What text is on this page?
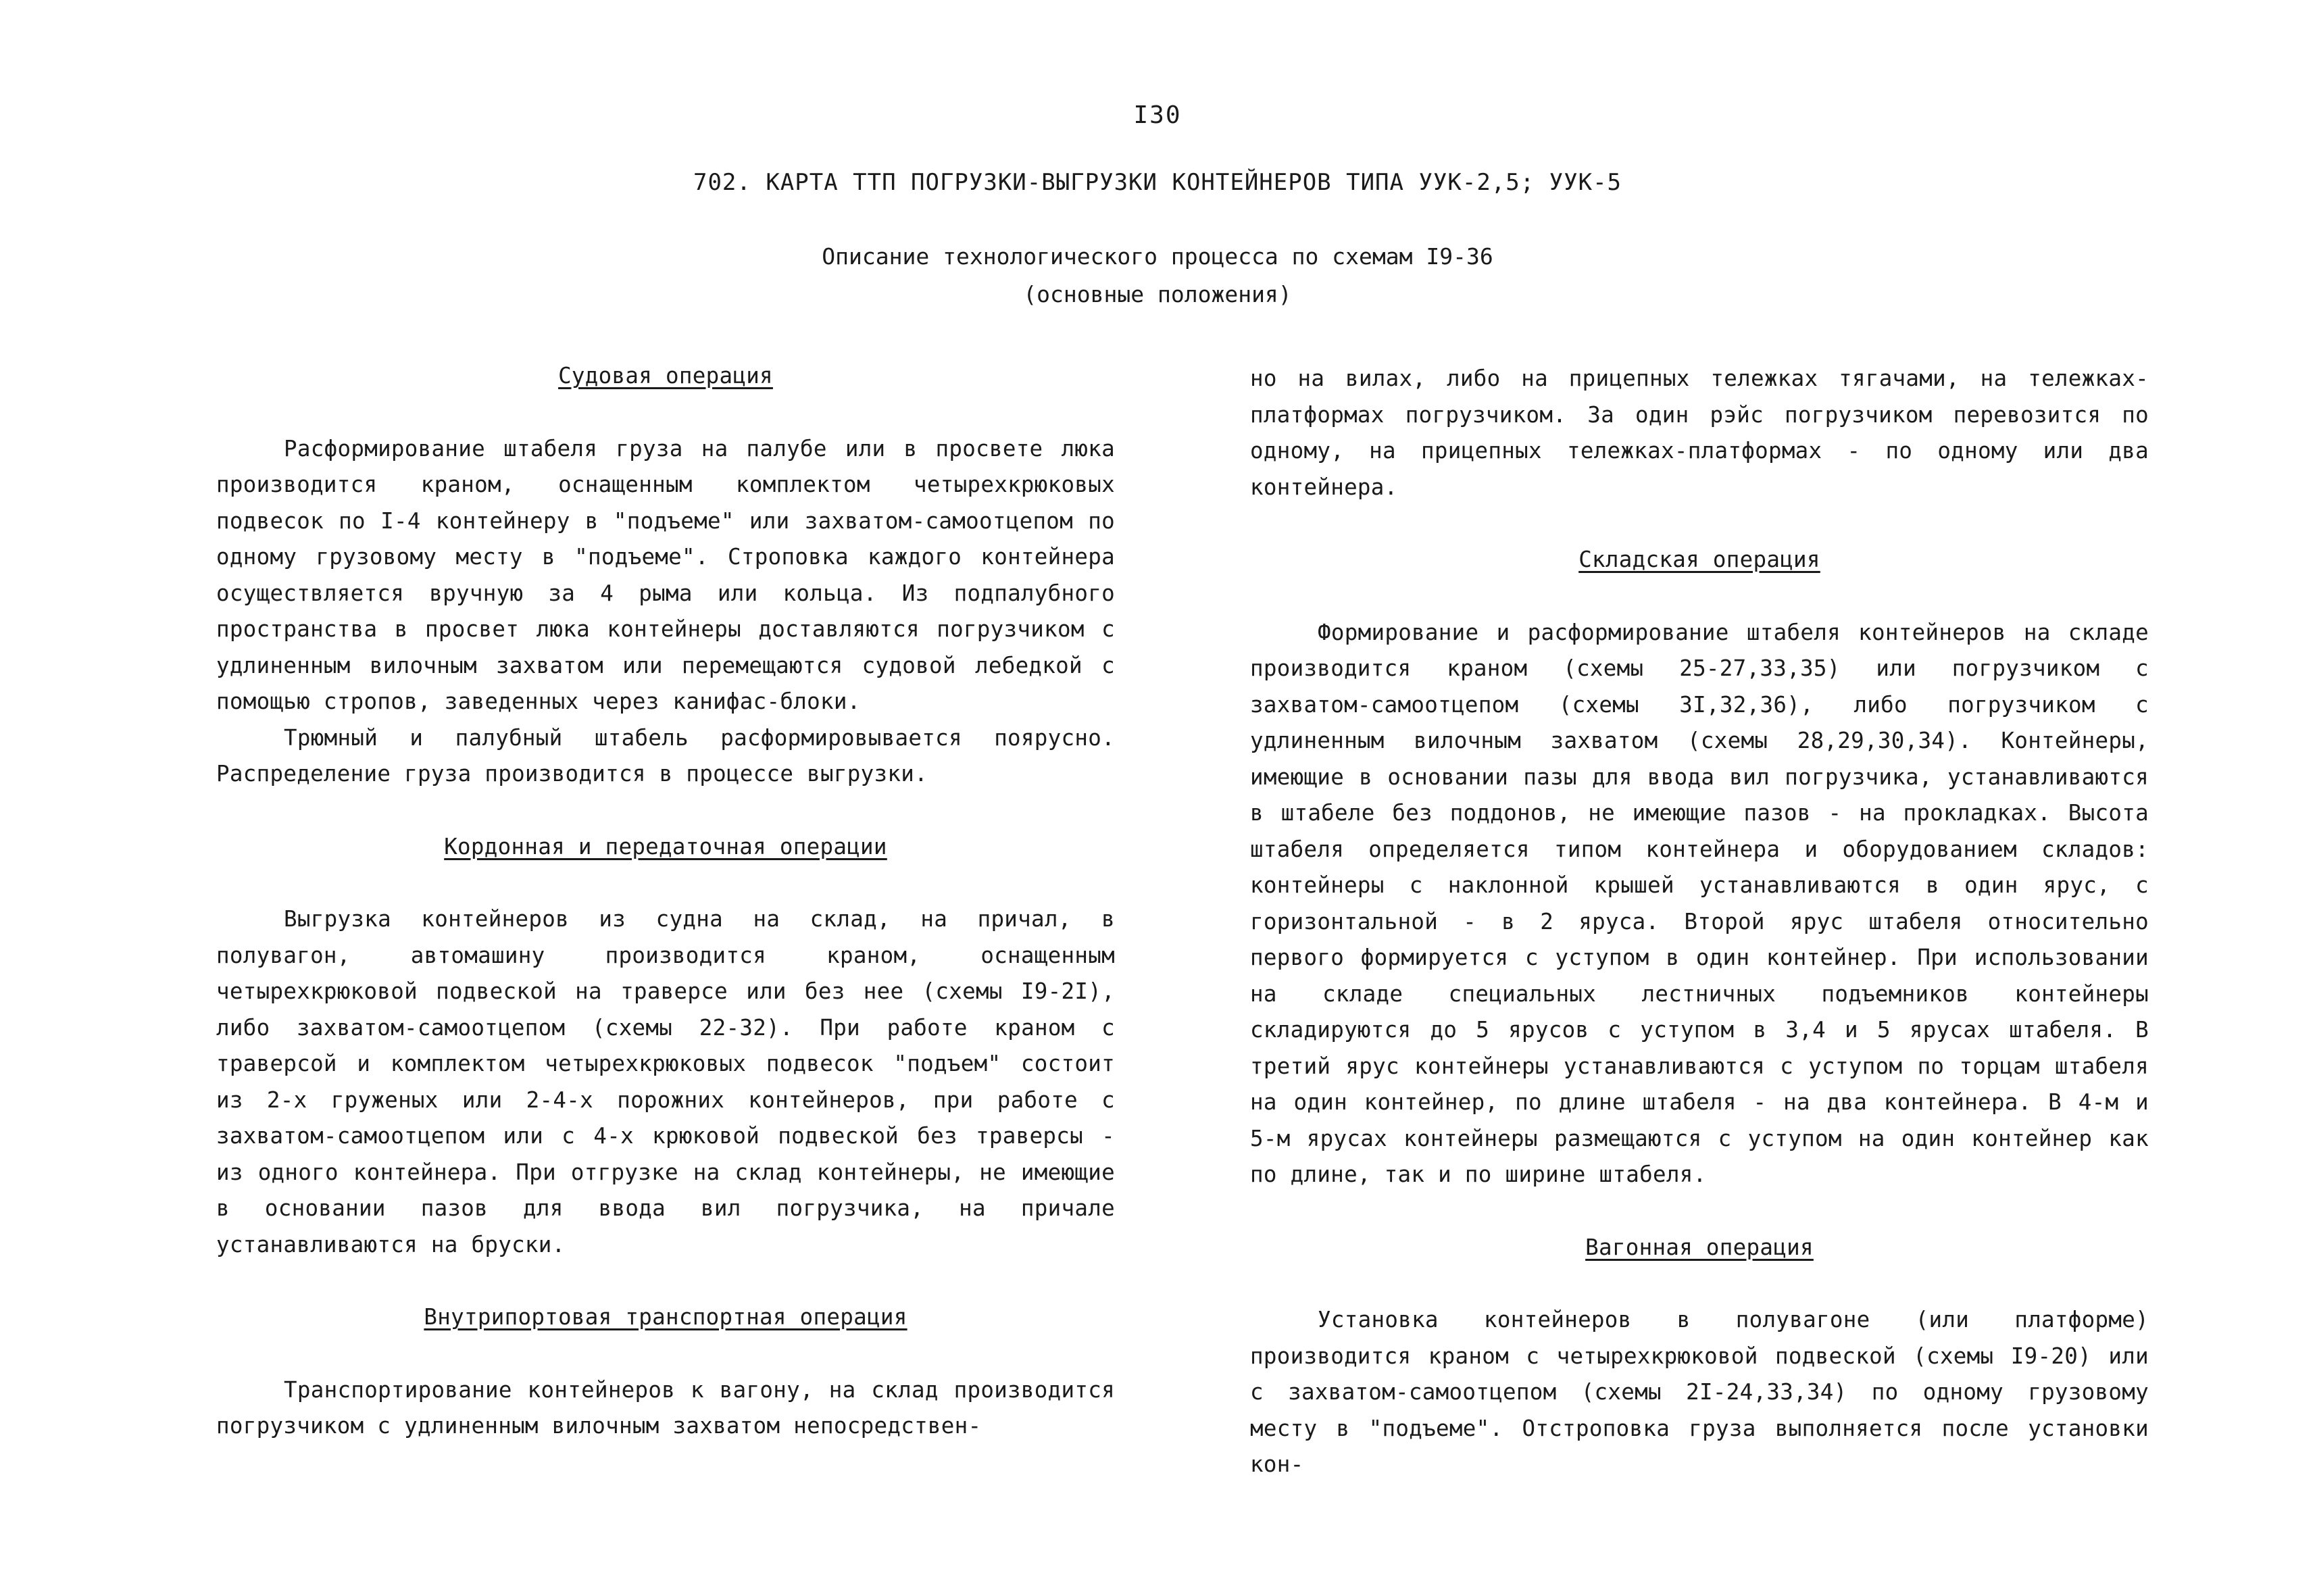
I30
702. КАРТА ТТП ПОГРУЗКИ-ВЫГРУЗКИ КОНТЕЙНЕРОВ ТИПА УУК-2,5; УУК-5
Описание технологического процесса по схемам I9-36
(основные положения)

Судовая операция

Расформирование штабеля груза на палубе или в просвете люка производится краном, оснащенным комплектом четырехкрюковых подвесок по I-4 контейнеру в "подъеме" или захватом-самоотцепом по одному грузовому месту в "подъеме". Строповка каждого контейнера осуществляется вручную за 4 рыма или кольца. Из подпалубного пространства в просвет люка контейнеры доставляются погрузчиком с удлиненным вилочным захватом или перемещаются судовой лебедкой с помощью стропов, заведенных через канифас-блоки.

Трюмный и палубный штабель расформировывается поярусно. Распределение груза производится в процессе выгрузки.

Кордонная и передаточная операции

Выгрузка контейнеров из судна на склад, на причал, в полувагон, автомашину производится краном, оснащенным четырехкрюковой подвеской на траверсе или без нее (схемы I9-2I), либо захватом-самоотцепом (схемы 22-32). При работе краном с траверсой и комплектом четырехкрюковых подвесок "подъем" состоит из 2-х груженых или 2-4-х порожних контейнеров, при работе с захватом-самоотцепом или с 4-х крюковой подвеской без траверсы - из одного контейнера. При отгрузке на склад контейнеры, не имеющие в основании пазов для ввода вил погрузчика, на причале устанавливаются на бруски.

Внутрипортовая транспортная операция

Транспортирование контейнеров к вагону, на склад производится погрузчиком с удлиненным вилочным захватом непосредствен-

но на вилах, либо на прицепных тележках тягачами, на тележках-платформах погрузчиком. За один рэйс погрузчиком перевозится по одному, на прицепных тележках-платформах - по одному или два контейнера.

Складская операция

Формирование и расформирование штабеля контейнеров на складе производится краном (схемы 25-27,33,35) или погрузчиком с захватом-самоотцепом (схемы 3I,32,36), либо погрузчиком с удлиненным вилочным захватом (схемы 28,29,30,34). Контейнеры, имеющие в основании пазы для ввода вил погрузчика, устанавливаются в штабеле без поддонов, не имеющие пазов - на прокладках. Высота штабеля определяется типом контейнера и оборудованием складов: контейнеры с наклонной крышей устанавливаются в один ярус, с горизонтальной - в 2 яруса. Второй ярус штабеля относительно первого формируется с уступом в один контейнер. При использовании на складе специальных лестничных подъемников контейнеры складируются до 5 ярусов с уступом в 3,4 и 5 ярусах штабеля. В третий ярус контейнеры устанавливаются с уступом по торцам штабеля на один контейнер, по длине штабеля - на два контейнера. В 4-м и 5-м ярусах контейнеры размещаются с уступом на один контейнер как по длине, так и по ширине штабеля.

Вагонная операция

Установка контейнеров в полувагоне (или платформе) производится краном с четырехкрюковой подвеской (схемы I9-20) или с захватом-самоотцепом (схемы 2I-24,33,34) по одному грузовому месту в "подъеме". Отстроповка груза выполняется после установки кон-
